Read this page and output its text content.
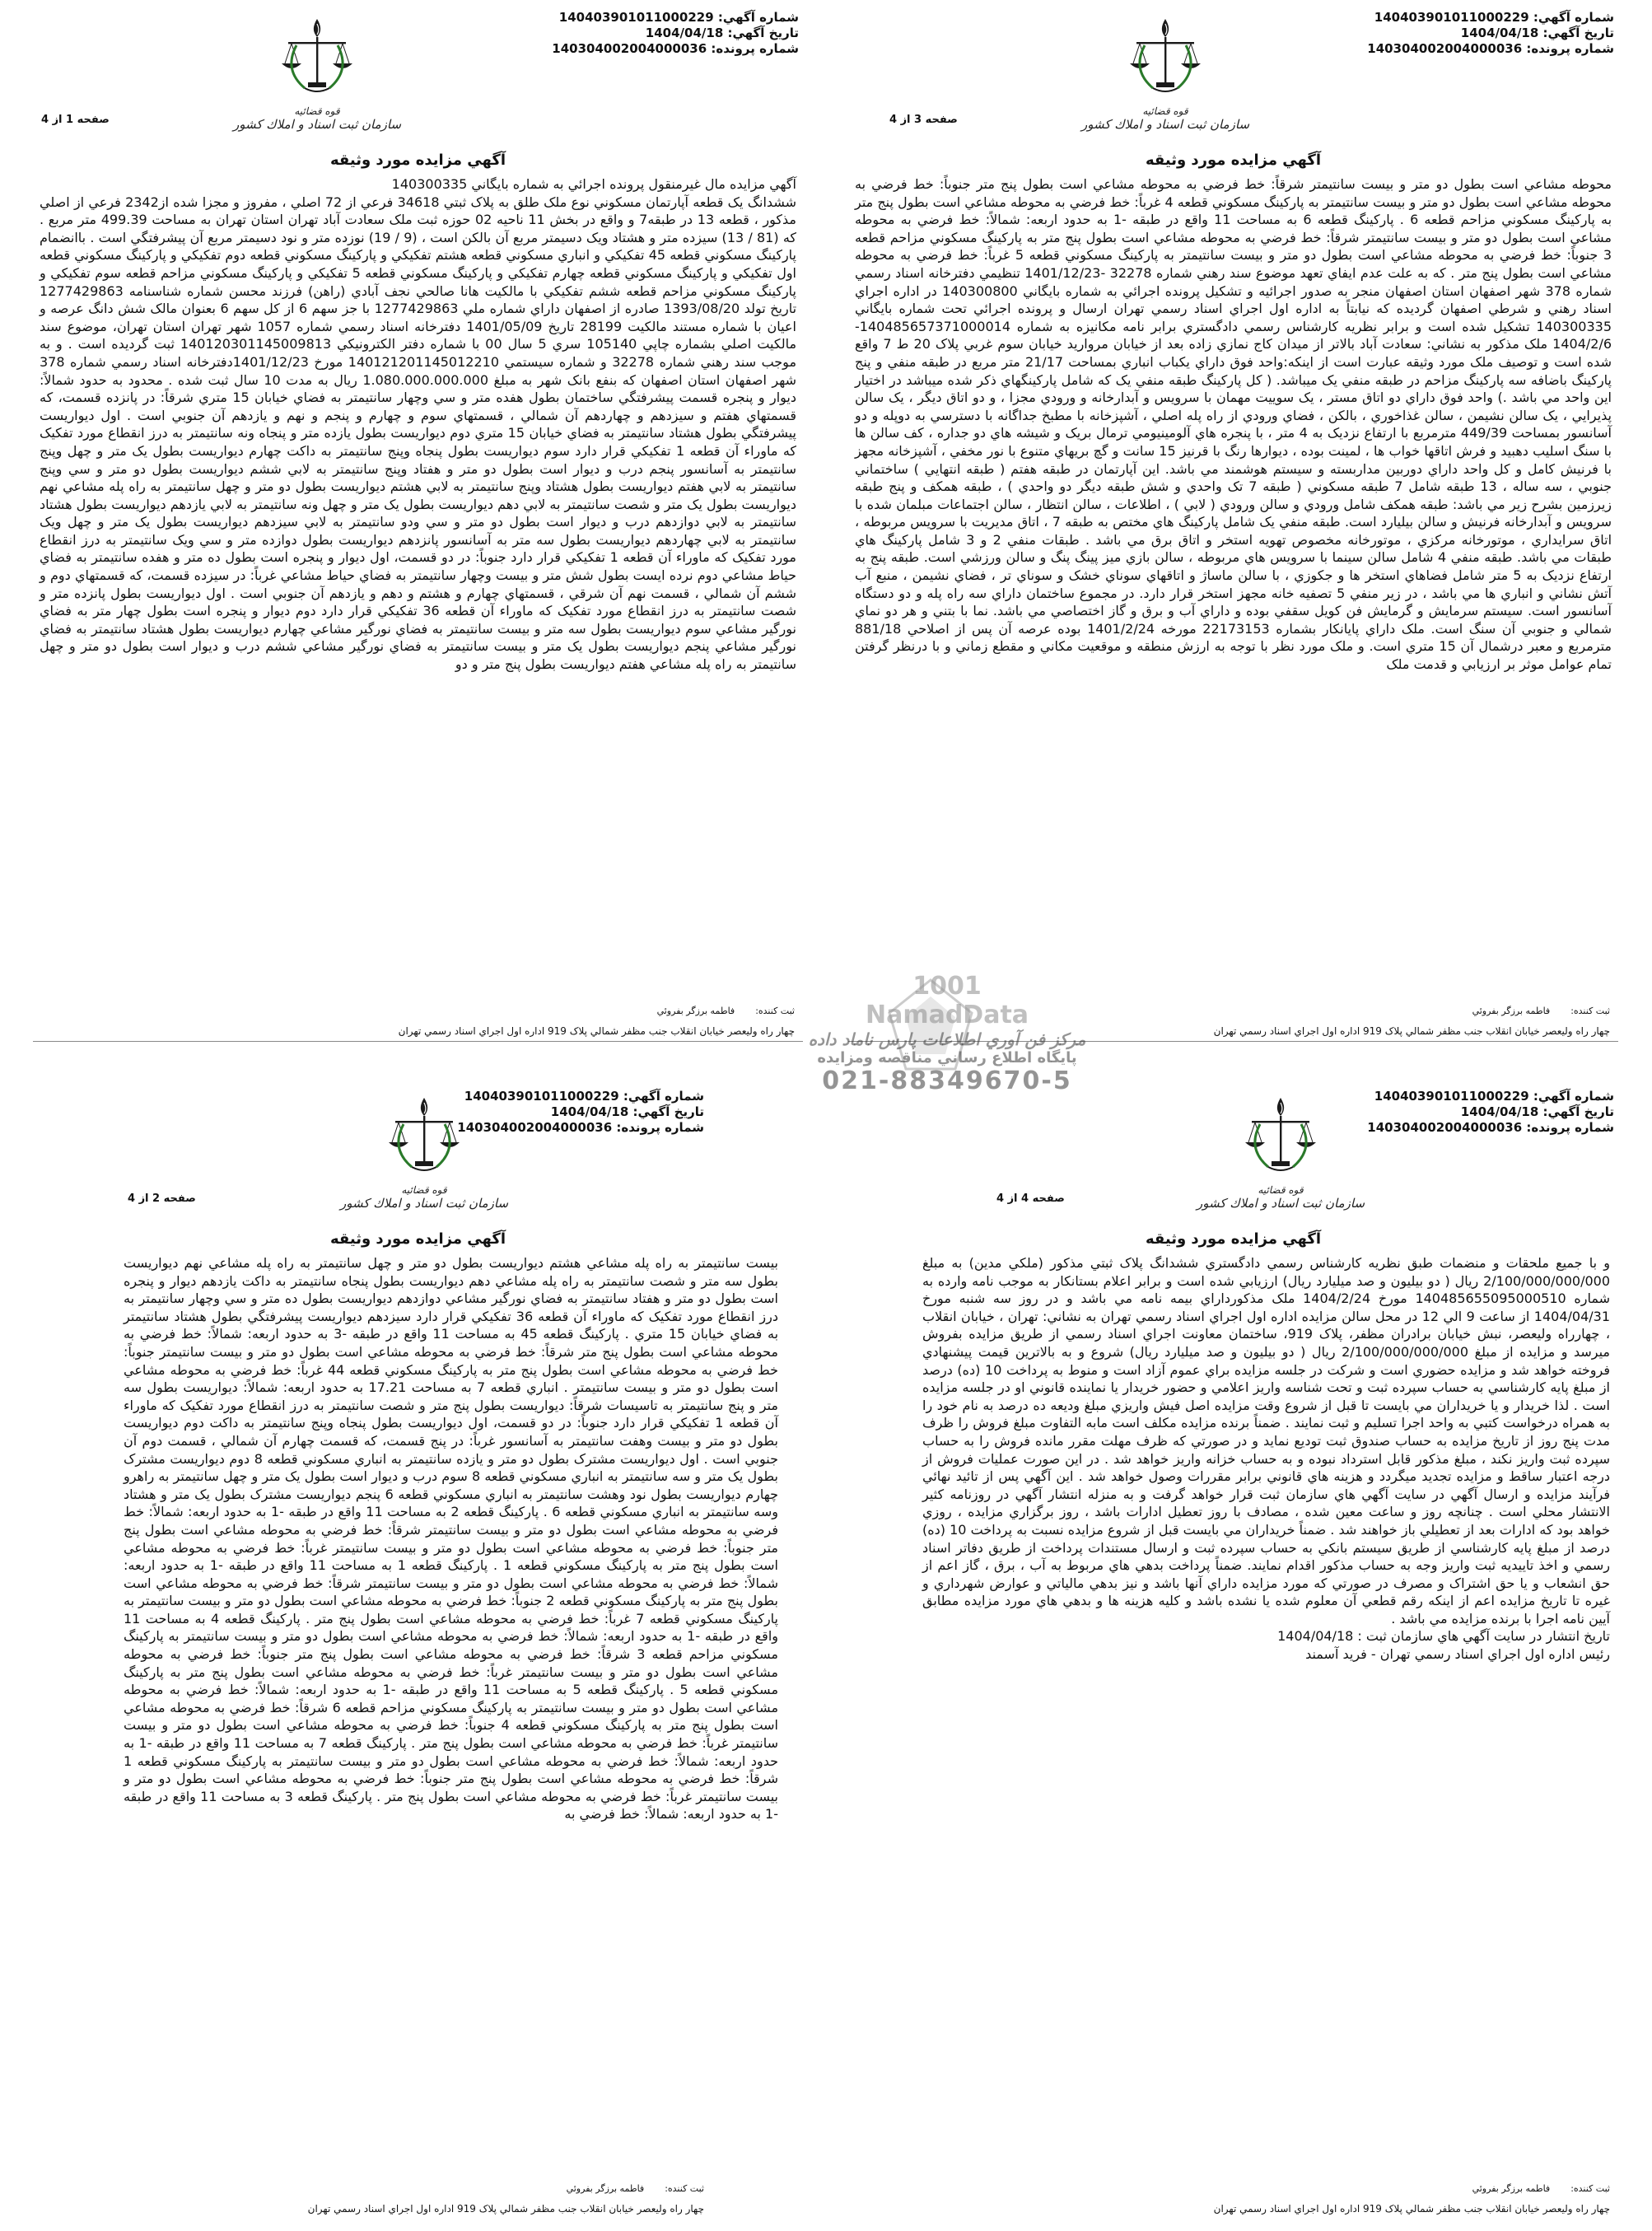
شماره آگهي: 140403901011000229
تاريخ آگهي: 1404/04/18
شماره پرونده: 140304002004000036
قوه قضائيه
سازمان ثبت اسناد و املاك كشور
صفحه 1 از 4
آگهي مزايده مورد وثيقه

آگهي مزايده مال غيرمنقول پرونده اجرائي به شماره بايگاني 140300335

ششدانگ يک قطعه آپارتمان مسکوني نوع ملک طلق به پلاک ثبتي 34618 فرعي از 72 اصلي ، مفروز و مجزا شده از2342 فرعي از اصلي مذکور ، قطعه 13 در طبقه7 و واقع در بخش 11 ناحيه 02 حوزه ثبت ملک سعادت آباد تهران استان تهران به مساحت 499.39 متر مربع . كه (81 / 13) سيزده متر و هشتاد ويک دسيمتر مربع آن بالکن است ، (9 / 19) نوزده متر و نود دسيمتر مربع آن پيشرفتگي است . باانضمام پارکينگ مسکوني قطعه 45 تفکيکي و انباري مسکوني قطعه هشتم تفکيکي و پارکينگ مسکوني قطعه دوم تفکيکي و پارکينگ مسکوني قطعه اول تفکيکي و پارکينگ مسکوني قطعه چهارم تفکيکي و پارکينگ مسکوني قطعه 5 تفکيکي و پارکينگ مسکوني مزاحم قطعه سوم تفکيکي و پارکينگ مسکوني مزاحم قطعه ششم تفکيکي با مالکيت هانا صالحي نجف آبادي (راهن) فرزند محسن شماره شناسنامه 1277429863 تاريخ تولد 1393/08/20 صادره از اصفهان داراي شماره ملي 1277429863 با جز سهم 6 از کل سهم 6 بعنوان مالک شش دانگ عرصه و اعيان با شماره مستند مالکيت 28199 تاريخ 1401/05/09 دفترخانه اسناد رسمي شماره 1057 شهر تهران استان تهران، موضوع سند مالکيت اصلي بشماره چاپي 105140 سري 5 سال 00 با شماره دفتر الکترونيکي 140120301145009813 ثبت گرديده است . و به موجب سند رهني شماره 32278 و شماره سيستمي 140121201145012210 مورخ 1401/12/23دفترخانه اسناد رسمي شماره 378 شهر اصفهان استان اصفهان که بنفع بانک شهر به مبلغ 1.080.000.000.000 ريال به مدت 10 سال ثبت شده . محدود به حدود شمالاً: ديوار و پنجره قسمت پيشرفتگي ساختمان بطول هفده متر و سي وچهار سانتيمتر به فضاي خيابان 15 متري شرقاً: در پانزده قسمت، که قسمتهاي هفتم و سيزدهم و چهاردهم آن شمالي ، قسمتهاي سوم و چهارم و پنجم و نهم و يازدهم آن جنوبي است . اول ديواريست پيشرفتگي بطول هشتاد سانتيمتر به فضاي خيابان 15 متري دوم ديواريست بطول يازده متر و پنجاه ونه سانتيمتر به درز انقطاع مورد تفکيک که ماوراء آن قطعه 1 تفکيکي قرار دارد سوم ديواريست بطول پنجاه وپنج سانتيمتر به داکت چهارم ديواريست بطول يک متر و چهل وپنج سانتيمتر به آسانسور پنجم درب و ديوار است بطول دو متر و هفتاد وپنج سانتيمتر به لابي ششم ديواريست بطول دو متر و سي وپنج سانتيمتر به لابي هفتم ديواريست بطول هشتاد وپنج سانتيمتر به لابي هشتم ديواريست بطول دو متر و چهل سانتيمتر به راه پله مشاعي نهم ديواريست بطول يک متر و شصت سانتيمتر به لابي دهم ديواريست بطول يک متر و چهل ونه سانتيمتر به لابي يازدهم ديواريست بطول هشتاد سانتيمتر به لابي دوازدهم درب و ديوار است بطول دو متر و سي ودو سانتيمتر به لابي سيزدهم ديواريست بطول يک متر و چهل ويک سانتيمتر به لابي چهاردهم ديواريست بطول سه متر به آسانسور پانزدهم ديواريست بطول دوازده متر و سي ويک سانتيمتر به درز انقطاع مورد تفکيک که ماوراء آن قطعه 1 تفکيکي قرار دارد جنوباً: در دو قسمت، اول ديوار و پنجره است بطول ده متر و هفده سانتيمتر به فضاي حياط مشاعي دوم نرده ايست بطول شش متر و بيست وچهار سانتيمتر به فضاي حياط مشاعي غرباً: در سيزده قسمت، که قسمتهاي دوم و ششم آن شمالي ، قسمت نهم آن شرقي ، قسمتهاي چهارم و هشتم و دهم و يازدهم آن جنوبي است . اول ديواريست بطول پانزده متر و شصت سانتيمتر به درز انقطاع مورد تفکيک که ماوراء آن قطعه 36 تفکيکي قرار دارد دوم ديوار و پنجره است بطول چهار متر به فضاي نورگير مشاعي سوم ديواريست بطول سه متر و بيست سانتيمتر به فضاي نورگير مشاعي چهارم ديواريست بطول هشتاد سانتيمتر به فضاي نورگير مشاعي پنجم ديواريست بطول يک متر و بيست سانتيمتر به فضاي نورگير مشاعي ششم درب و ديوار است بطول دو متر و چهل سانتيمتر به راه پله مشاعي هفتم ديواريست بطول پنج متر و دو

ثبت کننده:فاطمه برزگر بفروئي
چهار راه وليعصر خيابان انقلاب جنب مظفر شمالي پلاک 919 اداره اول اجراي اسناد رسمي تهران
شماره آگهي: 140403901011000229
تاريخ آگهي: 1404/04/18
شماره پرونده: 140304002004000036
قوه قضائيه
سازمان ثبت اسناد و املاك كشور
صفحه 3 از 4
آگهي مزايده مورد وثيقه

محوطه مشاعي است بطول دو متر و بيست سانتيمتر شرقاً: خط فرضي به محوطه مشاعي است بطول پنج متر جنوباً: خط فرضي به محوطه مشاعي است بطول دو متر و بيست سانتيمتر به پارکينگ مسکوني قطعه 4 غرباً: خط فرضي به محوطه مشاعي است بطول پنج متر به پارکينگ مسکوني مزاحم قطعه 6 . پارکينگ قطعه 6 به مساحت 11 واقع در طبقه -1 به حدود اربعه: شمالاً: خط فرضي به محوطه مشاعي است بطول دو متر و بيست سانتيمتر شرقاً: خط فرضي به محوطه مشاعي است بطول پنج متر به پارکينگ مسکوني مزاحم قطعه 3 جنوباً: خط فرضي به محوطه مشاعي است بطول دو متر و بيست سانتيمتر به پارکينگ مسکوني قطعه 5 غرباً: خط فرضي به محوطه مشاعي است بطول پنج متر . که به علت عدم ايفاي تعهد موضوع سند رهني شماره 32278 -1401/12/23 تنظيمي دفترخانه اسناد رسمي شماره 378 شهر اصفهان استان اصفهان منجر به صدور اجرائيه و تشکيل پرونده اجرائي به شماره بايگاني 140300800 در اداره اجراي اسناد رهني و شرطي اصفهان گرديده که نيابتاً به اداره اول اجراي اسناد رسمي تهران ارسال و پرونده اجرائي تحت شماره بايگاني 140300335 تشکيل شده است و برابر نظريه کارشناس رسمي دادگستري برابر نامه مکانيزه به شماره 140485657371000014-1404/2/6 ملک مذکور به نشاني: سعادت آباد بالاتر از ميدان کاج نمازي زاده بعد از خيابان مرواريد خيابان سوم غربي پلاک 20 ط 7 واقع شده است و توصيف ملک مورد وثيقه عبارت است از اينکه:واحد فوق داراي يکباب انباري بمساحت 21/17 متر مربع در طبقه منفي و پنج پارکينگ باضافه سه پارکينگ مزاحم در طبقه منفي يک ميباشد. ( کل پارکينگ طبقه منفي يک که شامل پارکينگهاي ذکر شده ميباشد در اختيار اين واحد مي باشد .) واحد فوق داراي دو اتاق مستر ، يک سوييت مهمان با سرويس و آبدارخانه و ورودي مجزا ، و دو اتاق ديگر ، يک سالن پذيرايي ، يک سالن نشيمن ، سالن غذاخوري ، بالکن ، فضاي ورودي از راه پله اصلي ، آشپزخانه با مطبخ جداگانه با دسترسي به دوپله و دو آسانسور بمساحت 449/39 مترمربع با ارتفاع نزديک به 4 متر ، با پنجره هاي آلومينيومي ترمال بريک و شيشه هاي دو جداره ، کف سالن ها با سنگ اسليب دهبيد و فرش اتاقها خواب ها ، لمينت بوده ، ديوارها رنگ با قرنيز 15 سانت و گچ بريهاي متنوع با نور مخفي ، آشپزخانه مجهز با فرنيش کامل و کل واحد داراي دوربين مداربسته و سيستم هوشمند مي باشد. اين آپارتمان در طبقه هفتم ( طبقه انتهايي ) ساختماني جنوبي ، سه ساله ، 13 طبقه شامل 7 طبقه مسکوني ( طبقه 7 تک واحدي و شش طبقه ديگر دو واحدي ) ، طبقه همکف و پنج طبقه زيرزمين بشرح زير مي باشد: طبقه همکف شامل ورودي و سالن ورودي ( لابي ) ، اطلاعات ، سالن انتظار ، سالن اجتماعات مبلمان شده با سرويس و آبدارخانه فرنيش و سالن بيليارد است. طبقه منفي يک شامل پارکينگ هاي مختص به طبقه 7 ، اتاق مديريت با سرويس مربوطه ، اتاق سرايداري ، موتورخانه مرکزي ، موتورخانه مخصوص تهويه استخر و اتاق برق مي باشد . طبقات منفي 2 و 3 شامل پارکينگ هاي طبقات مي باشد. طبقه منفي 4 شامل سالن سينما با سرويس هاي مربوطه ، سالن بازي ميز پينگ پنگ و سالن ورزشي است. طبقه پنج به ارتفاع نزديک به 5 متر شامل فضاهاي استخر ها و جکوزي ، با سالن ماساژ و اتاقهاي سوناي خشک و سوناي تر ، فضاي نشيمن ، منبع آب آتش نشاني و انباري ها مي باشد ، در زير منفي 5 تصفيه خانه مجهز استخر قرار دارد. در مجموع ساختمان داراي سه راه پله و دو دستگاه آسانسور است. سيستم سرمايش و گرمايش فن کويل سقفي بوده و داراي آب و برق و گاز اختصاصي مي باشد. نما با بتني و هر دو نماي شمالي و جنوبي آن سنگ است. ملک داراي پايانکار بشماره 22173153 مورخه 1401/2/24 بوده عرصه آن پس از اصلاحي 881/18 مترمربع و معبر درشمال آن 15 متري است. و ملک مورد نظر با توجه به ارزش منطقه و موقعيت مکاني و مقطع زماني و با درنظر گرفتن تمام عوامل موثر بر ارزيابي و قدمت ملک

ثبت کننده:فاطمه برزگر بفروئي
چهار راه وليعصر خيابان انقلاب جنب مظفر شمالي پلاک 919 اداره اول اجراي اسناد رسمي تهران
شماره آگهي: 140403901011000229
تاريخ آگهي: 1404/04/18
شماره پرونده: 140304002004000036
قوه قضائيه
سازمان ثبت اسناد و املاك كشور
صفحه 2 از 4
آگهي مزايده مورد وثيقه

بيست سانتيمتر به راه پله مشاعي هشتم ديواريست بطول دو متر و چهل سانتيمتر به راه پله مشاعي نهم ديواريست بطول سه متر و شصت سانتيمتر به راه پله مشاعي دهم ديواريست بطول پنجاه سانتيمتر به داکت يازدهم ديوار و پنجره است بطول دو متر و هفتاد سانتيمتر به فضاي نورگير مشاعي دوازدهم ديواريست بطول ده متر و سي وچهار سانتيمتر به درز انقطاع مورد تفکيک که ماوراء آن قطعه 36 تفکيکي قرار دارد سيزدهم ديواريست پيشرفتگي بطول هشتاد سانتيمتر به فضاي خيابان 15 متري . پارکينگ قطعه 45 به مساحت 11 واقع در طبقه -3 به حدود اربعه: شمالاً: خط فرضي به محوطه مشاعي است بطول پنج متر شرقاً: خط فرضي به محوطه مشاعي است بطول دو متر و بيست سانتيمتر جنوباً: خط فرضي به محوطه مشاعي است بطول پنج متر به پارکينگ مسکوني قطعه 44 غرباً: خط فرضي به محوطه مشاعي است بطول دو متر و بيست سانتيمتر . انباري قطعه 7 به مساحت 17.21 به حدود اربعه: شمالاً: ديواريست بطول سه متر و پنج سانتيمتر به تاسيسات شرقاً: ديواريست بطول پنج متر و شصت سانتيمتر به درز انقطاع مورد تفکيک که ماوراء آن قطعه 1 تفکيکي قرار دارد جنوباً: در دو قسمت، اول ديواريست بطول پنجاه وپنج سانتيمتر به داکت دوم ديواريست بطول دو متر و بيست وهفت سانتيمتر به آسانسور غرباً: در پنج قسمت، که قسمت چهارم آن شمالي ، قسمت دوم آن جنوبي است . اول ديواريست مشترک بطول دو متر و يازده سانتيمتر به انباري مسکوني قطعه 8 دوم ديواريست مشترک بطول يک متر و سه سانتيمتر به انباري مسکوني قطعه 8 سوم درب و ديوار است بطول يک متر و چهل سانتيمتر به راهرو چهارم ديواريست بطول نود وهشت سانتيمتر به انباري مسکوني قطعه 6 پنجم ديواريست مشترک بطول يک متر و هشتاد وسه سانتيمتر به انباري مسکوني قطعه 6 . پارکينگ قطعه 2 به مساحت 11 واقع در طبقه -1 به حدود اربعه: شمالاً: خط فرضي به محوطه مشاعي است بطول دو متر و بيست سانتيمتر شرقاً: خط فرضي به محوطه مشاعي است بطول پنج متر جنوباً: خط فرضي به محوطه مشاعي است بطول دو متر و بيست سانتيمتر غرباً: خط فرضي به محوطه مشاعي است بطول پنج متر به پارکينگ مسکوني قطعه 1 . پارکينگ قطعه 1 به مساحت 11 واقع در طبقه -1 به حدود اربعه: شمالاً: خط فرضي به محوطه مشاعي است بطول دو متر و بيست سانتيمتر شرقاً: خط فرضي به محوطه مشاعي است بطول پنج متر به پارکينگ مسکوني قطعه 2 جنوباً: خط فرضي به محوطه مشاعي است بطول دو متر و بيست سانتيمتر به پارکينگ مسکوني قطعه 7 غرباً: خط فرضي به محوطه مشاعي است بطول پنج متر . پارکينگ قطعه 4 به مساحت 11 واقع در طبقه -1 به حدود اربعه: شمالاً: خط فرضي به محوطه مشاعي است بطول دو متر و بيست سانتيمتر به پارکينگ مسکوني مزاحم قطعه 3 شرقاً: خط فرضي به محوطه مشاعي است بطول پنج متر جنوباً: خط فرضي به محوطه مشاعي است بطول دو متر و بيست سانتيمتر غرباً: خط فرضي به محوطه مشاعي است بطول پنج متر به پارکينگ مسکوني قطعه 5 . پارکينگ قطعه 5 به مساحت 11 واقع در طبقه -1 به حدود اربعه: شمالاً: خط فرضي به محوطه مشاعي است بطول دو متر و بيست سانتيمتر به پارکينگ مسکوني مزاحم قطعه 6 شرقاً: خط فرضي به محوطه مشاعي است بطول پنج متر به پارکينگ مسکوني قطعه 4 جنوباً: خط فرضي به محوطه مشاعي است بطول دو متر و بيست سانتيمتر غرباً: خط فرضي به محوطه مشاعي است بطول پنج متر . پارکينگ قطعه 7 به مساحت 11 واقع در طبقه -1 به حدود اربعه: شمالاً: خط فرضي به محوطه مشاعي است بطول دو متر و بيست سانتيمتر به پارکينگ مسکوني قطعه 1 شرقاً: خط فرضي به محوطه مشاعي است بطول پنج متر جنوباً: خط فرضي به محوطه مشاعي است بطول دو متر و بيست سانتيمتر غرباً: خط فرضي به محوطه مشاعي است بطول پنج متر . پارکينگ قطعه 3 به مساحت 11 واقع در طبقه -1 به حدود اربعه: شمالاً: خط فرضي به

ثبت کننده:فاطمه برزگر بفروئي
چهار راه وليعصر خيابان انقلاب جنب مظفر شمالي پلاک 919 اداره اول اجراي اسناد رسمي تهران
شماره آگهي: 140403901011000229
تاريخ آگهي: 1404/04/18
شماره پرونده: 140304002004000036
قوه قضائيه
سازمان ثبت اسناد و املاك كشور
صفحه 4 از 4
آگهي مزايده مورد وثيقه

و با جميع ملحقات و منضمات طبق نظريه کارشناس رسمي دادگستري ششدانگ پلاک ثبتي مذکور (ملکي مدين) به مبلغ 2/100/000/000/000 ريال ( دو بيليون و صد ميليارد ريال) ارزيابي شده است و برابر اعلام بستانکار به موجب نامه وارده به شماره 140485655095000510 مورخ 1404/2/24 ملک مذکورداراي بيمه نامه مي باشد و در روز سه شنبه مورخ 1404/04/31 از ساعت 9 الي 12 در محل سالن مزايده اداره اول اجراي اسناد رسمي تهران به نشاني: تهران ، خيابان انقلاب ، چهارراه وليعصر، نبش خيابان برادران مظفر، پلاک 919، ساختمان معاونت اجراي اسناد رسمي از طريق مزايده بفروش ميرسد و مزايده از مبلغ 2/100/000/000/000 ريال ( دو بيليون و صد ميليارد ريال) شروع و به بالاترين قيمت پيشنهادي فروخته خواهد شد و مزايده حضوري است و شرکت در جلسه مزايده براي عموم آزاد است و منوط به پرداخت 10 (ده) درصد از مبلغ پايه کارشناسي به حساب سپرده ثبت و تحت شناسه واريز اعلامي و حضور خريدار يا نماينده قانوني او در جلسه مزايده است . لذا خريدار و يا خريداران مي بايست تا قبل از شروع وقت مزايده اصل فيش واريزي مبلغ وديعه ده درصد به نام خود را به همراه درخواست کتبي به واحد اجرا تسليم و ثبت نمايند . ضمناً برنده مزايده مکلف است مابه التفاوت مبلغ فروش را ظرف مدت پنج روز از تاريخ مزايده به حساب صندوق ثبت توديع نمايد و در صورتي که ظرف مهلت مقرر مانده فروش را به حساب سپرده ثبت واريز نکند ، مبلغ مذکور قابل استرداد نبوده و به حساب خزانه واريز خواهد شد . در اين صورت عمليات فروش از درجه اعتبار ساقط و مزايده تجديد ميگردد و هزينه هاي قانوني برابر مقررات وصول خواهد شد . اين آگهي پس از تائيد نهائي فرآيند مزايده و ارسال آگهي در سايت آگهي هاي سازمان ثبت قرار خواهد گرفت و به منزله انتشار آگهي در روزنامه کثير الانتشار محلي است . چنانچه روز و ساعت معين شده ، مصادف با روز تعطيل ادارات باشد ، روز برگزاري مزايده ، روزي خواهد بود که ادارات بعد از تعطيلي باز خواهند شد . ضمناً خريداران مي بايست قبل از شروع مزايده نسبت به پرداخت 10 (ده) درصد از مبلغ پايه کارشناسي از طريق سيستم بانکي به حساب سپرده ثبت و ارسال مستندات پرداخت از طريق دفاتر اسناد رسمي و اخذ تاييديه ثبت واريز وجه به حساب مذکور اقدام نمايند. ضمناً پرداخت بدهي هاي مربوط به آب ، برق ، گاز اعم از حق انشعاب و يا حق اشتراک و مصرف در صورتي که مورد مزايده داراي آنها باشد و نيز بدهي مالياتي و عوارض شهرداري و غيره تا تاريخ مزايده اعم از اينکه رقم قطعي آن معلوم شده يا نشده باشد و کليه هزينه ها و بدهي هاي مورد مزايده مطابق آيين نامه اجرا با برنده مزايده مي باشد .

تاريخ انتشار در سايت آگهي هاي سازمان ثبت : 1404/04/18

رئيس اداره اول اجراي اسناد رسمي تهران - فريد آسمند

ثبت کننده:فاطمه برزگر بفروئي
چهار راه وليعصر خيابان انقلاب جنب مظفر شمالي پلاک 919 اداره اول اجراي اسناد رسمي تهران
1001
NamadData
مرکز فن آوري اطلاعات پارس ناماد داده
پايگاه اطلاع رساني مناقصه ومزايده
021-88349670-5
